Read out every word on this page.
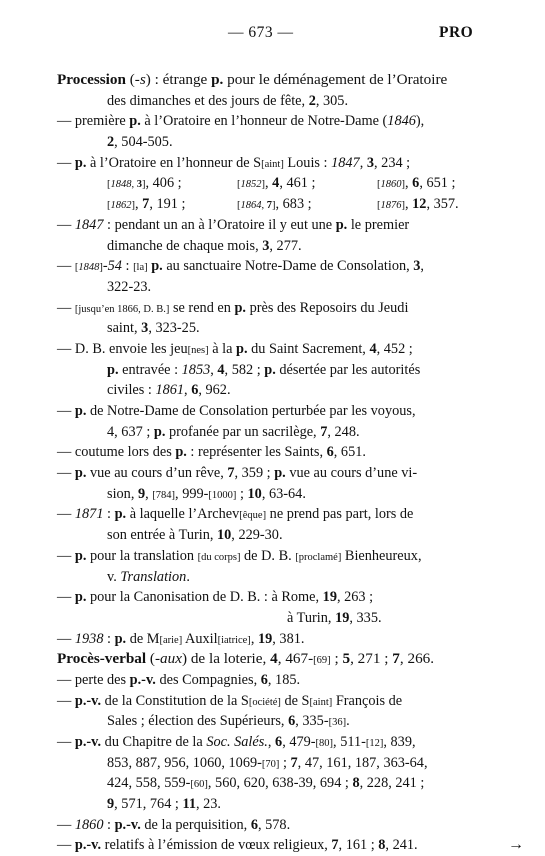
— 673 —	PRO
Procession (-s) : étrange p. pour le déménagement de l’Oratoire
des dimanches et des jours de fête, 2, 305.
— première p. à l’Oratoire en l’honneur de Notre-Dame (1846),
2, 504-505.
— p. à l’Oratoire en l’honneur de S[aint] Louis : 1847, 3, 234 ;
[1848, 3], 406 ;	[1852], 4, 461 ;	[1860], 6, 651 ;
[1862], 7, 191 ;	[1864, 7], 683 ;	[1876], 12, 357.
— 1847 : pendant un an à l’Oratoire il y eut une p. le premier
dimanche de chaque mois, 3, 277.
— [1848]-54 : [la] p. au sanctuaire Notre-Dame de Consolation, 3,
322-23.
— [jusqu’en 1866, D. B.] se rend en p. près des Reposoirs du Jeudi
saint, 3, 323-25.
— D. B. envoie les jeu[nes] à la p. du Saint Sacrement, 4, 452 ;
p. entravée : 1853, 4, 582 ; p. désertée par les autorités
civiles : 1861, 6, 962.
— p. de Notre-Dame de Consolation perturbée par les voyous,
4, 637 ; p. profanée par un sacrilège, 7, 248.
— coutume lors des p. : représenter les Saints, 6, 651.
— p. vue au cours d’un rêve, 7, 359 ; p. vue au cours d’une vi-
sion, 9, [784], 999-[1000] ; 10, 63-64.
— 1871 : p. à laquelle l’Archev[êque] ne prend pas part, lors de
son entrée à Turin, 10, 229-30.
— p. pour la translation [du corps] de D. B. [proclamé] Bienheureux,
v. Translation.
— p. pour la Canonisation de D. B. : à Rome, 19, 263 ;
à Turin, 19, 335.
— 1938 : p. de M[arie] Auxil[iatrice], 19, 381.
Procès-verbal (-aux) de la loterie, 4, 467-[69] ; 5, 271 ; 7, 266.
— perte des p.-v. des Compagnies, 6, 185.
— p.-v. de la Constitution de la S[ociété] de S[aint] François de
Sales ; élection des Supérieurs, 6, 335-[36].
— p.-v. du Chapitre de la Soc. Salés., 6, 479-[80], 511-[12], 839,
853, 887, 956, 1060, 1069-[70] ; 7, 47, 161, 187, 363-64,
424, 558, 559-[60], 560, 620, 638-39, 694 ; 8, 228, 241 ;
9, 571, 764 ; 11, 23.
— 1860 : p.-v. de la perquisition, 6, 578.
— p.-v. relatifs à l’émission de vœux religieux, 7, 161 ; 8, 241.	→
